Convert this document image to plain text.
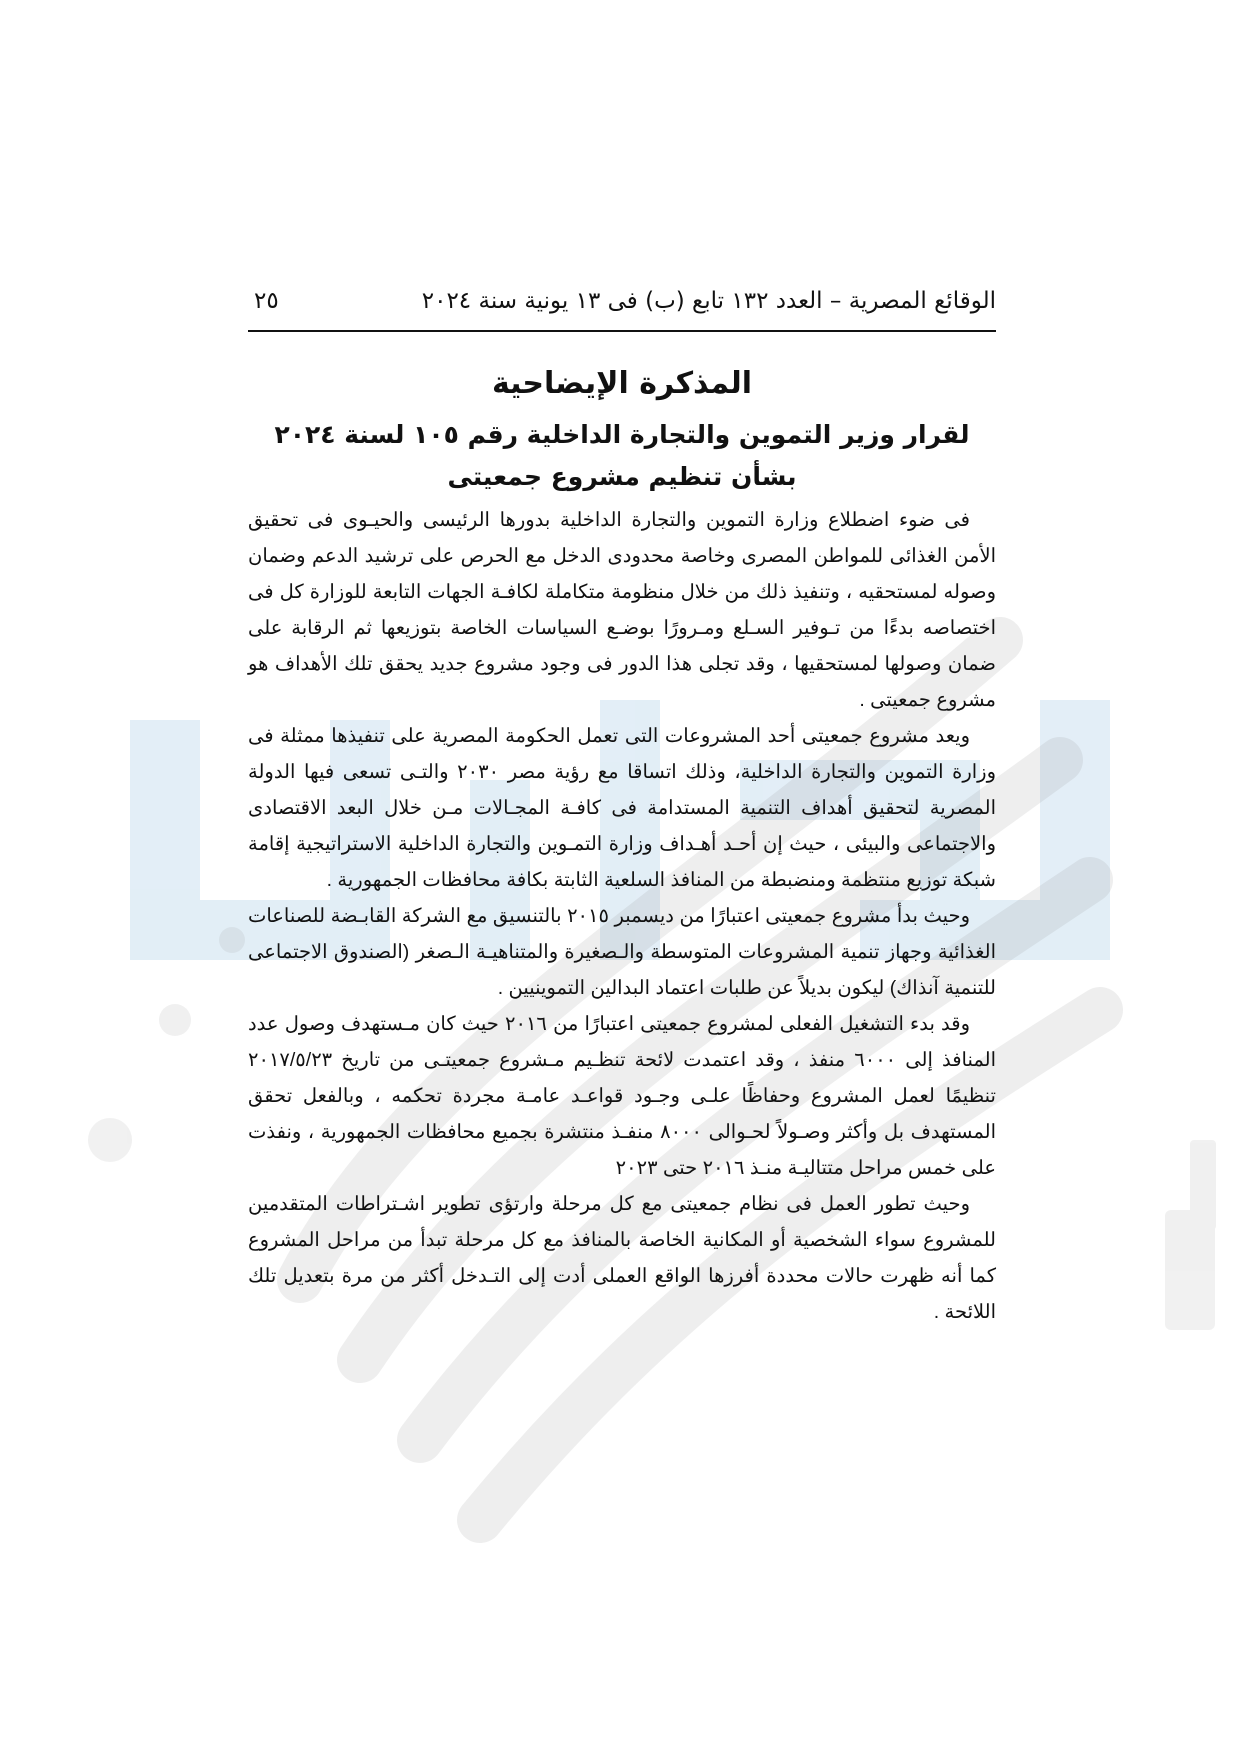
الوقائع المصرية – العدد ١٣٢ تابع (ب) فى ١٣ يونية سنة ٢٠٢٤
٢٥
المذكرة الإيضاحية
لقرار وزير التموين والتجارة الداخلية رقم ١٠٥ لسنة ٢٠٢٤
بشأن تنظيم مشروع جمعيتى

فى ضوء اضطلاع وزارة التموين والتجارة الداخلية بدورها الرئيسى والحيـوى فى تحقيق الأمن الغذائى للمواطن المصرى وخاصة محدودى الدخل مع الحرص على ترشيد الدعم وضمان وصوله لمستحقيه ، وتنفيذ ذلك من خلال منظومة متكاملة لكافـة الجهات التابعة للوزارة كل فى اختصاصه بدءًا من تـوفير السـلع ومـرورًا بوضـع السياسات الخاصة بتوزيعها ثم الرقابة على ضمان وصولها لمستحقيها ، وقد تجلى هذا الدور فى وجود مشروع جديد يحقق تلك الأهداف هو مشروع جمعيتى .

ويعد مشروع جمعيتى أحد المشروعات التى تعمل الحكومة المصرية على تنفيذها ممثلة فى وزارة التموين والتجارة الداخلية، وذلك اتساقا مع رؤية مصر ٢٠٣٠ والتـى تسعى فيها الدولة المصرية لتحقيق أهداف التنمية المستدامة فى كافـة المجـالات مـن خلال البعد الاقتصادى والاجتماعى والبيئى ، حيث إن أحـد أهـداف وزارة التمـوين والتجارة الداخلية الاستراتيجية إقامة شبكة توزيع منتظمة ومنضبطة من المنافذ السلعية الثابتة بكافة محافظات الجمهورية .

وحيث بدأ مشروع جمعيتى اعتبارًا من ديسمبر ٢٠١٥ بالتنسيق مع الشركة القابـضة للصناعات الغذائية وجهاز تنمية المشروعات المتوسطة والـصغيرة والمتناهيـة الـصغر (الصندوق الاجتماعى للتنمية آنذاك) ليكون بديلاً عن طلبات اعتماد البدالين التموينيين .

وقد بدء التشغيل الفعلى لمشروع جمعيتى اعتبارًا من ٢٠١٦ حيث كان مـستهدف وصول عدد المنافذ إلى ٦٠٠٠ منفذ ، وقد اعتمدت لائحة تنظـيم مـشروع جمعيتـى من تاريخ ٢٠١٧/٥/٢٣ تنظيمًا لعمل المشروع وحفاظًا علـى وجـود قواعـد عامـة مجردة تحكمه ، وبالفعل تحقق المستهدف بل وأكثر وصـولاً لحـوالى ٨٠٠٠ منفـذ منتشرة بجميع محافظات الجمهورية ، ونفذت على خمس مراحل متتاليـة منـذ ٢٠١٦ حتى ٢٠٢٣

وحيث تطور العمل فى نظام جمعيتى مع كل مرحلة وارتؤى تطوير اشـتراطات المتقدمين للمشروع سواء الشخصية أو المكانية الخاصة بالمنافذ مع كل مرحلة تبدأ من مراحل المشروع كما أنه ظهرت حالات محددة أفرزها الواقع العملى أدت إلى التـدخل أكثر من مرة بتعديل تلك اللائحة .
